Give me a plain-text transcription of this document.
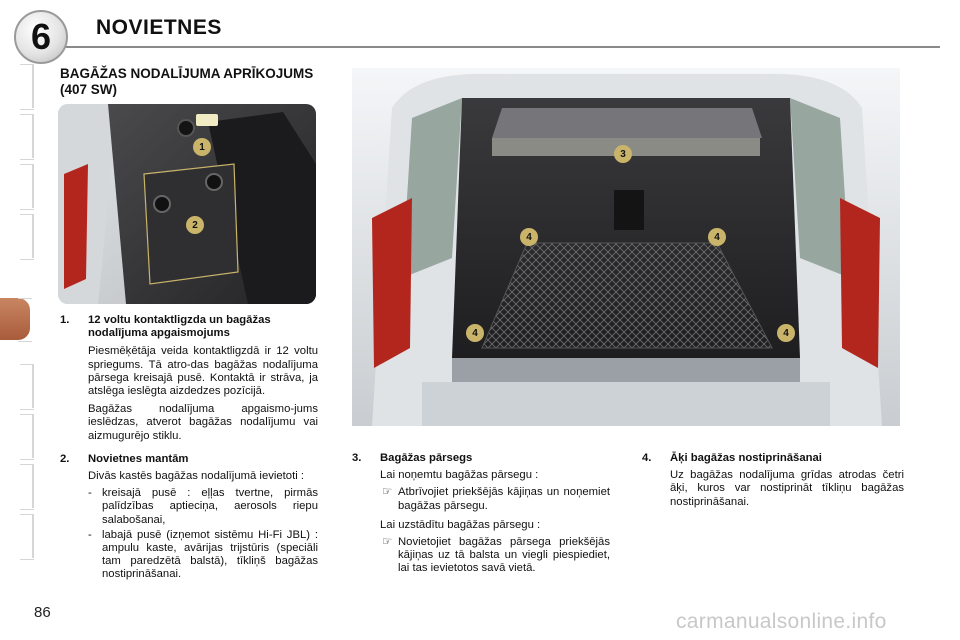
6 NOVIETNES
BAGĀŽAS NODALĪJUMA APRĪKOJUMS (407 SW)
1
2
3
4	4
4	4
1.	12 voltu kontaktligzda un bagāžas nodalījuma apgaismojums
Piesmēķētāja veida kontaktligzdā ir 12 voltu spriegums. Tā atro-das bagāžas nodalījuma pārsega kreisajā pusē. Kontaktā ir strāva, ja atslēga ieslēgta aizdedzes pozīcijā.
Bagāžas nodalījuma apgaismo-jums ieslēdzas, atverot bagāžas nodalījumu vai aizmugurējo stiklu.
2.	Novietnes mantām
Divās kastēs bagāžas nodalījumā ievietoti :
- kreisajā pusē : eļļas tvertne, pirmās palīdzības aptieciņa, aerosols riepu salabošanai,
- labajā pusē (izņemot sistēmu Hi-Fi JBL) : ampulu kaste, avārijas trijstūris (speciāli tam paredzētā balstā), tīkliņš bagāžas nostiprināšanai.
3.	Bagāžas pārsegs
Lai noņemtu bagāžas pārsegu :
☞ Atbrīvojiet priekšējās kājiņas un noņemiet bagāžas pārsegu.
Lai uzstādītu bagāžas pārsegu :
☞ Novietojiet bagāžas pārsega priekšējās kājiņas uz tā balsta un viegli piespiediet, lai tas ievietotos savā vietā.
4.	Āķi bagāžas nostiprināšanai
Uz bagāžas nodalījuma grīdas atrodas četri āķi, kuros var nostiprināt tīkliņu bagāžas nostiprināšanai.
86	carmanualsonline.info
